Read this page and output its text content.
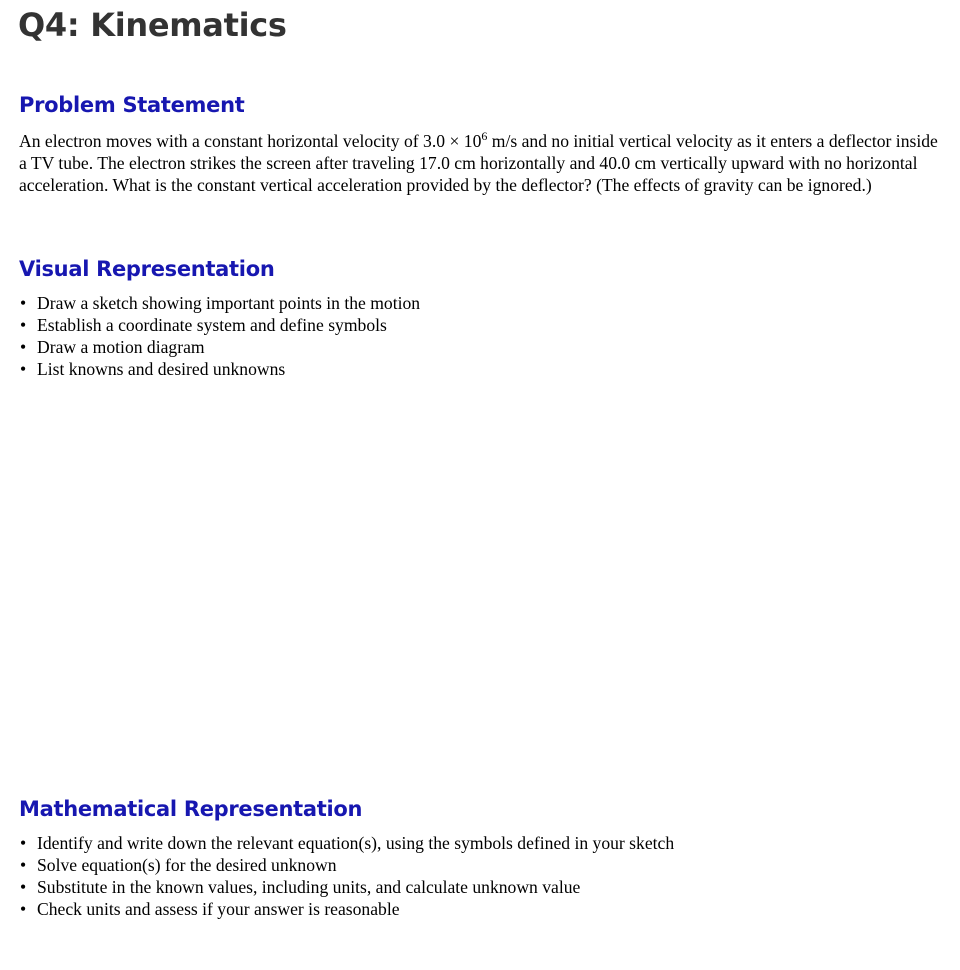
Q4: Kinematics
Problem Statement

An electron moves with a constant horizontal velocity of $3.0 \times 10^6$ m/s and no initial vertical velocity as it enters a deflector inside a TV tube. The electron strikes the screen after traveling 17.0 cm horizontally and 40.0 cm vertically upward with no horizontal acceleration. What is the constant vertical acceleration provided by the deflector? (The effects of gravity can be ignored.)

Visual Representation
• Draw a sketch showing important points in the motion
• Establish a coordinate system and define symbols
• Draw a motion diagram
• List knowns and desired unknowns
Mathematical Representation
• Identify and write down the relevant equation(s), using the symbols defined in your sketch
• Solve equation(s) for the desired unknown
• Substitute in the known values, including units, and calculate unknown value
• Check units and assess if your answer is reasonable
